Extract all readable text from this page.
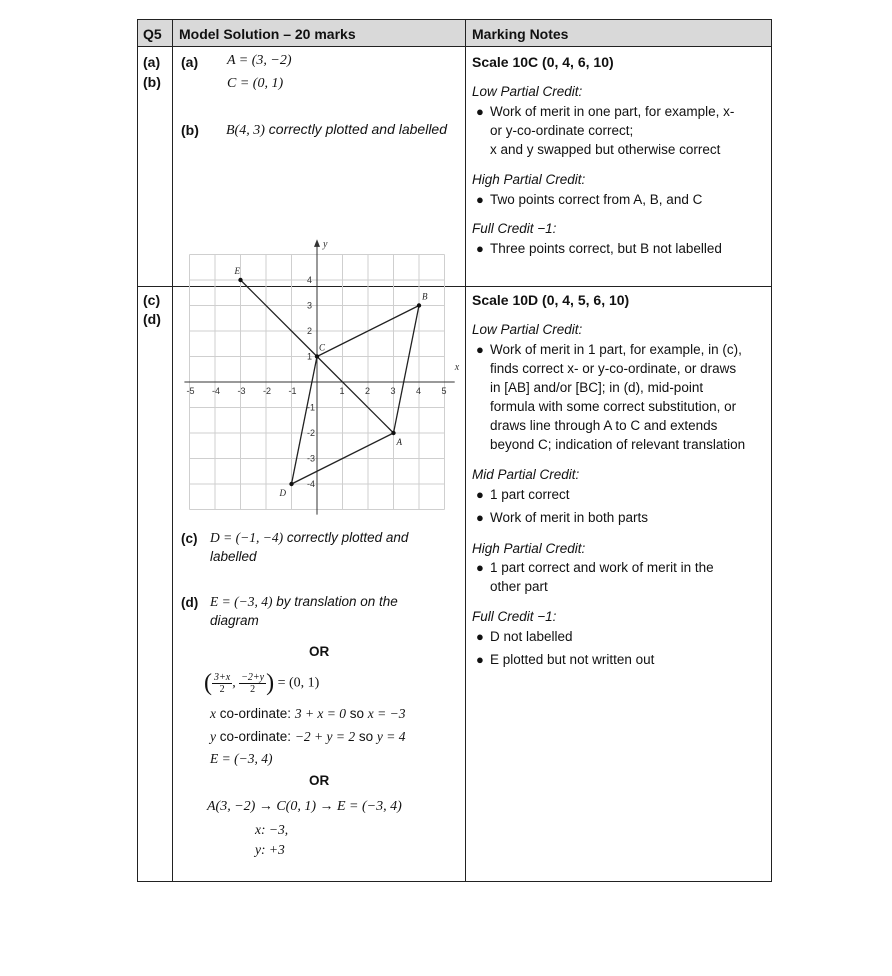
Q5 Model Solution – 20 marks	Marking Notes
(a)
(b)
(a) A = (3, −2)
C = (0, 1)
(b) B(4, 3) correctly plotted and labelled
Scale 10C (0, 4, 6, 10)
Low Partial Credit:
● Work of merit in one part, for example, x-
or y-co-ordinate correct;
x and y swapped but otherwise correct
High Partial Credit:
● Two points correct from A, B, and C
Full Credit −1:
● Three points correct, but B not labelled
(c)
(d)
-5 -4 -3 -2 -1	1 2 3 4 5
4
3
2
1
-1
-2
-3
-4
x
y
E
B
C
A
D
(c) D = (−1, −4) correctly plotted and
labelled
(d) E = (−3, 4) by translation on the
diagram
OR
( $\frac{3+x}{2}$ , $\frac{-2+y}{2}$ ) = (0, 1)
x co-ordinate: 3 + x = 0 so x = −3
y co-ordinate: −2 + y = 2 so y = 4
E = (−3, 4)
OR
A(3, −2) → C(0, 1) → E = (−3, 4)
x: −3,
y: +3
Scale 10D (0, 4, 5, 6, 10)
Low Partial Credit:
● Work of merit in 1 part, for example, in (c),
finds correct x- or y-co-ordinate, or draws
in [AB] and/or [BC]; in (d), mid-point
formula with some correct substitution, or
draws line through A to C and extends
beyond C; indication of relevant translation
Mid Partial Credit:
● 1 part correct
● Work of merit in both parts
High Partial Credit:
● 1 part correct and work of merit in the
other part
Full Credit −1:
● D not labelled
● E plotted but not written out
